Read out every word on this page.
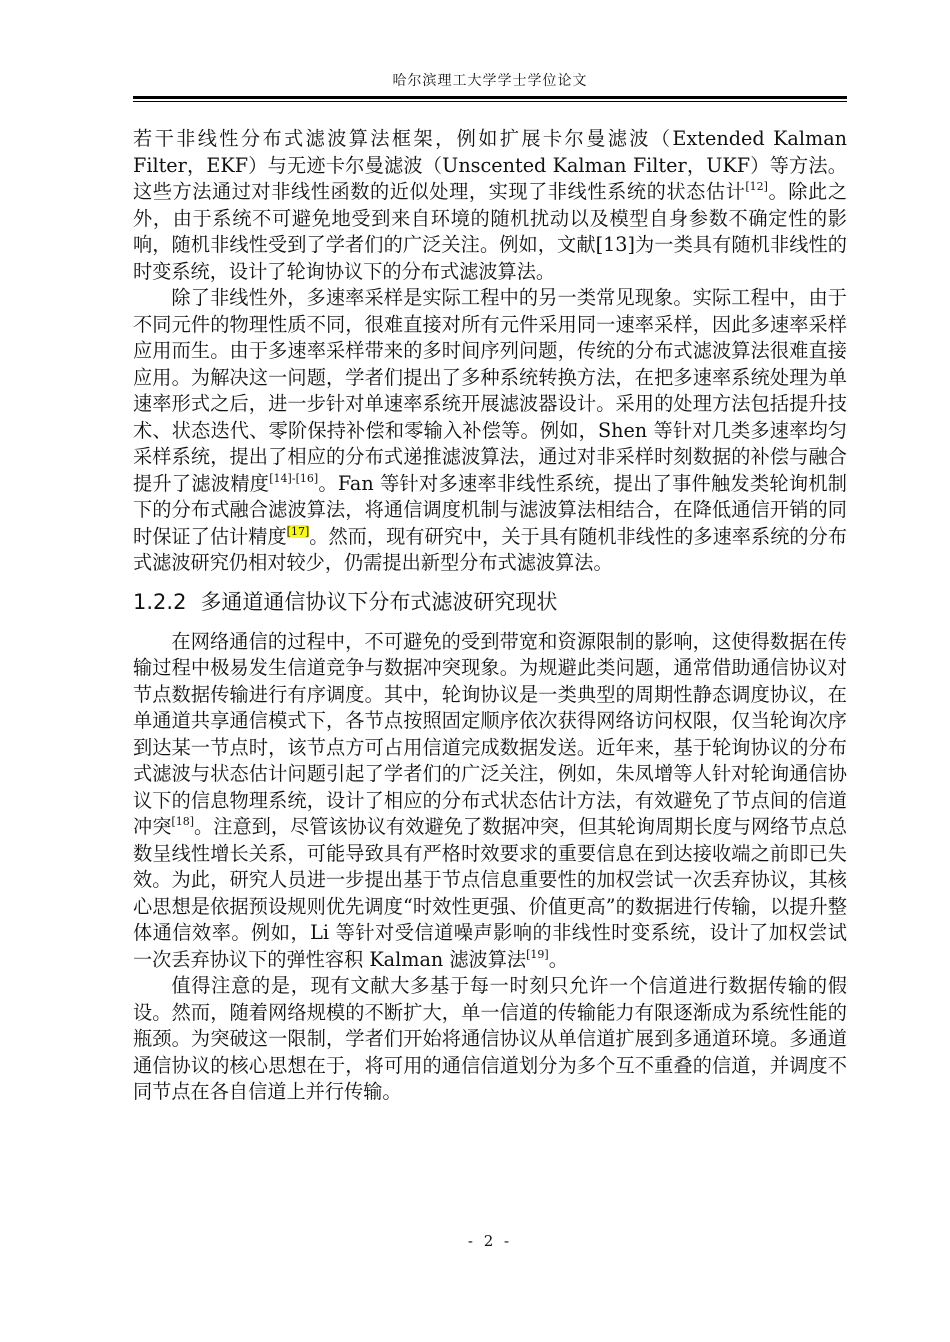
哈尔滨理工大学学士学位论文

若干非线性分布式滤波算法框架，例如扩展卡尔曼滤波（Extended Kalman Filter，EKF）与无迹卡尔曼滤波（Unscented Kalman Filter，UKF）等方法。这些方法通过对非线性函数的近似处理，实现了非线性系统的状态估计[12]。除此之外，由于系统不可避免地受到来自环境的随机扰动以及模型自身参数不确定性的影响，随机非线性受到了学者们的广泛关注。例如，文献[13]为一类具有随机非线性的时变系统，设计了轮询协议下的分布式滤波算法。

除了非线性外，多速率采样是实际工程中的另一类常见现象。实际工程中，由于不同元件的物理性质不同，很难直接对所有元件采用同一速率采样，因此多速率采样应用而生。由于多速率采样带来的多时间序列问题，传统的分布式滤波算法很难直接应用。为解决这一问题，学者们提出了多种系统转换方法，在把多速率系统处理为单速率形式之后，进一步针对单速率系统开展滤波器设计。采用的处理方法包括提升技术、状态迭代、零阶保持补偿和零输入补偿等。例如，Shen 等针对几类多速率均匀采样系统，提出了相应的分布式递推滤波算法，通过对非采样时刻数据的补偿与融合提升了滤波精度[14]-[16]。Fan 等针对多速率非线性系统，提出了事件触发类轮询机制下的分布式融合滤波算法，将通信调度机制与滤波算法相结合，在降低通信开销的同时保证了估计精度[17]。然而，现有研究中，关于具有随机非线性的多速率系统的分布式滤波研究仍相对较少，仍需提出新型分布式滤波算法。

1.2.2 多通道通信协议下分布式滤波研究现状

在网络通信的过程中，不可避免的受到带宽和资源限制的影响，这使得数据在传输过程中极易发生信道竞争与数据冲突现象。为规避此类问题，通常借助通信协议对节点数据传输进行有序调度。其中，轮询协议是一类典型的周期性静态调度协议，在单通道共享通信模式下，各节点按照固定顺序依次获得网络访问权限，仅当轮询次序到达某一节点时，该节点方可占用信道完成数据发送。近年来，基于轮询协议的分布式滤波与状态估计问题引起了学者们的广泛关注，例如，朱凤增等人针对轮询通信协议下的信息物理系统，设计了相应的分布式状态估计方法，有效避免了节点间的信道冲突[18]。注意到，尽管该协议有效避免了数据冲突，但其轮询周期长度与网络节点总数呈线性增长关系，可能导致具有严格时效要求的重要信息在到达接收端之前即已失效。为此，研究人员进一步提出基于节点信息重要性的加权尝试一次丢弃协议，其核心思想是依据预设规则优先调度“时效性更强、价值更高”的数据进行传输，以提升整体通信效率。例如，Li 等针对受信道噪声影响的非线性时变系统，设计了加权尝试一次丢弃协议下的弹性容积 Kalman 滤波算法[19]。

值得注意的是，现有文献大多基于每一时刻只允许一个信道进行数据传输的假设。然而，随着网络规模的不断扩大，单一信道的传输能力有限逐渐成为系统性能的瓶颈。为突破这一限制，学者们开始将通信协议从单信道扩展到多通道环境。多通道通信协议的核心思想在于，将可用的通信信道划分为多个互不重叠的信道，并调度不同节点在各自信道上并行传输。

- 2 -
